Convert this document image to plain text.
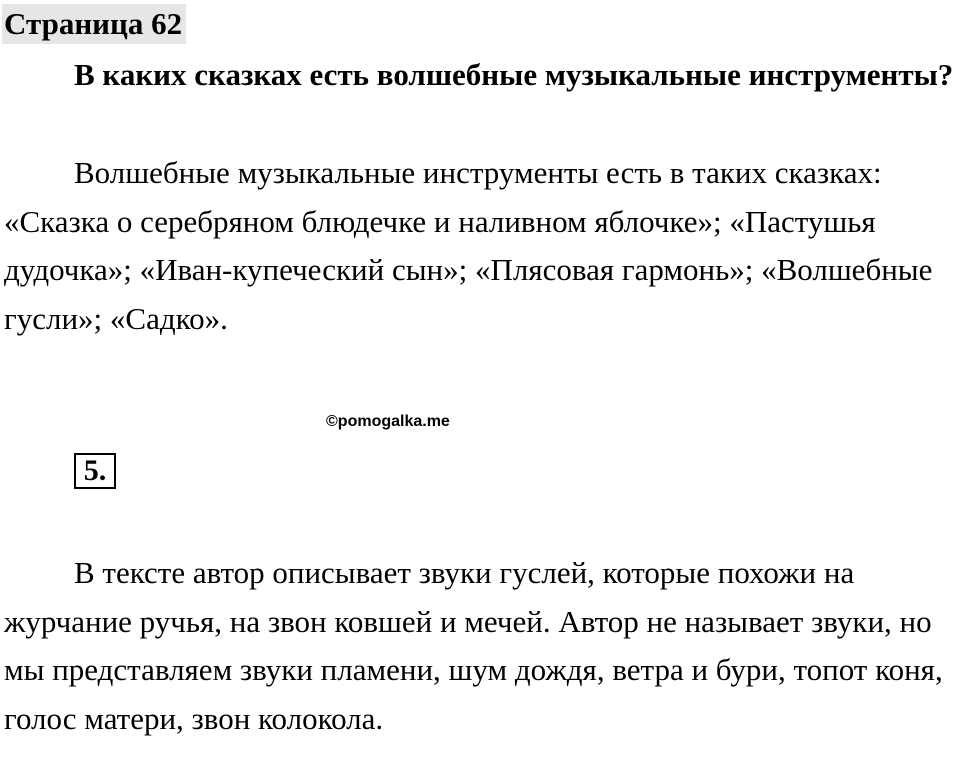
Страница 62

В каких сказках есть волшебные музыкальные инструменты?

Волшебные музыкальные инструменты есть в таких сказках: «Сказка о серебряном блюдечке и наливном яблочке»; «Пастушья дудочка»; «Иван-купеческий сын»; «Плясовая гармонь»; «Волшебные гусли»; «Садко».

©pomogalka.me
5.

В тексте автор описывает звуки гуслей, которые похожи на журчание ручья, на звон ковшей и мечей. Автор не называет звуки, но мы представляем звуки пламени, шум дождя, ветра и бури, топот коня, голос матери, звон колокола.
